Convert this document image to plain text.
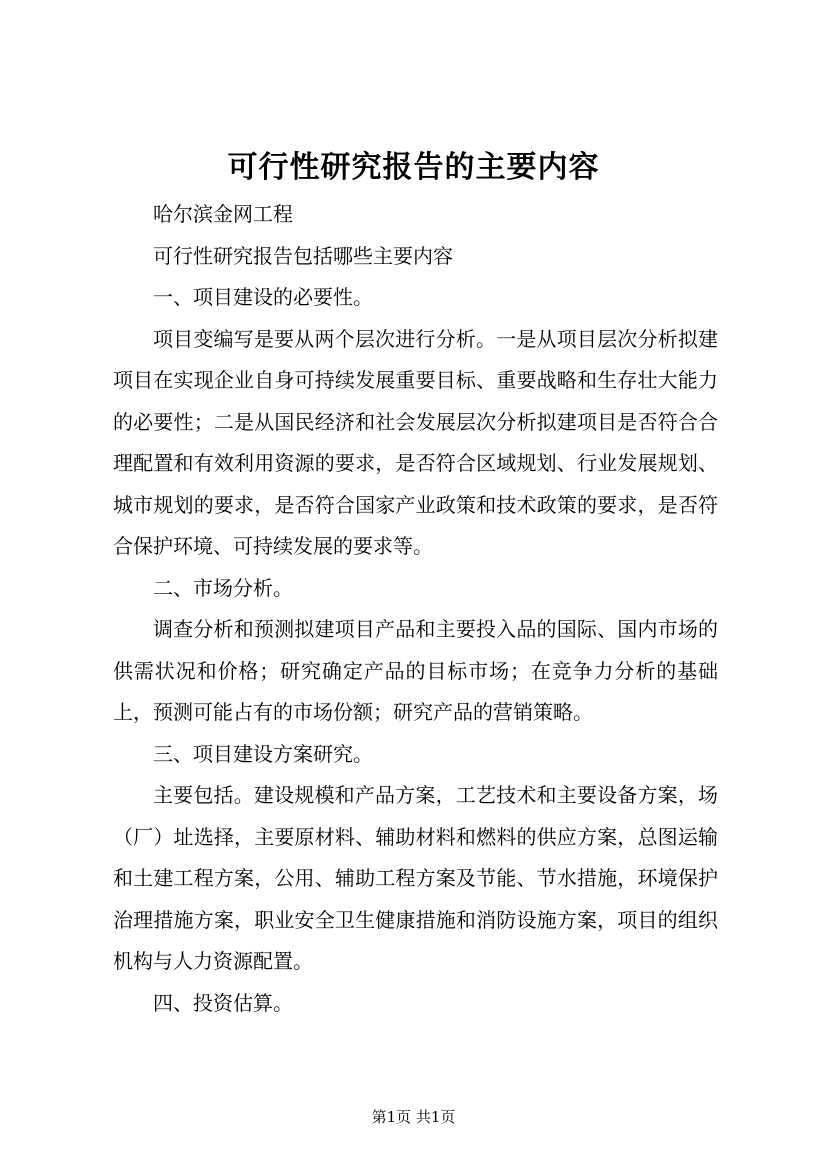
可行性研究报告的主要内容

哈尔滨金网工程

可行性研究报告包括哪些主要内容

一、项目建设的必要性。

项目变编写是要从两个层次进行分析。一是从项目层次分析拟建项目在实现企业自身可持续发展重要目标、重要战略和生存壮大能力的必要性；二是从国民经济和社会发展层次分析拟建项目是否符合合理配置和有效利用资源的要求，是否符合区域规划、行业发展规划、城市规划的要求，是否符合国家产业政策和技术政策的要求，是否符合保护环境、可持续发展的要求等。

二、市场分析。

调查分析和预测拟建项目产品和主要投入品的国际、国内市场的供需状况和价格；研究确定产品的目标市场；在竞争力分析的基础上，预测可能占有的市场份额；研究产品的营销策略。

三、项目建设方案研究。

主要包括。建设规模和产品方案，工艺技术和主要设备方案，场（厂）址选择，主要原材料、辅助材料和燃料的供应方案，总图运输和土建工程方案，公用、辅助工程方案及节能、节水措施，环境保护治理措施方案，职业安全卫生健康措施和消防设施方案，项目的组织机构与人力资源配置。

四、投资估算。

第1页 共1页
